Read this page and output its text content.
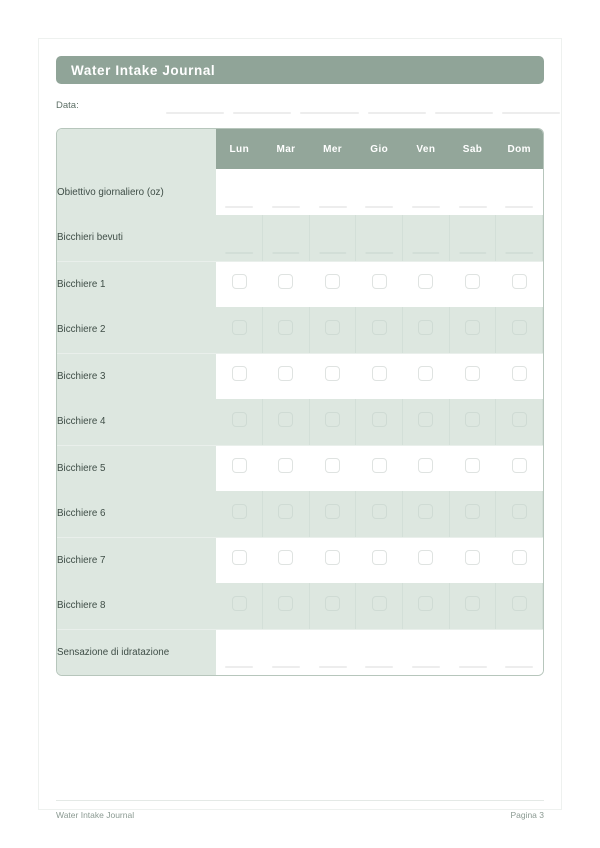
Water Intake Journal
Data:
	Lun	Mar	Mer	Gio	Ven	Sab	Dom
Obiettivo giornaliero (oz)	

Bicchieri bevuti	

Bicchiere 1							
Bicchiere 2							
Bicchiere 3							
Bicchiere 4							
Bicchiere 5							
Bicchiere 6							
Bicchiere 7							
Bicchiere 8							
Sensazione di idratazione	

Water Intake Journal	Pagina 3
